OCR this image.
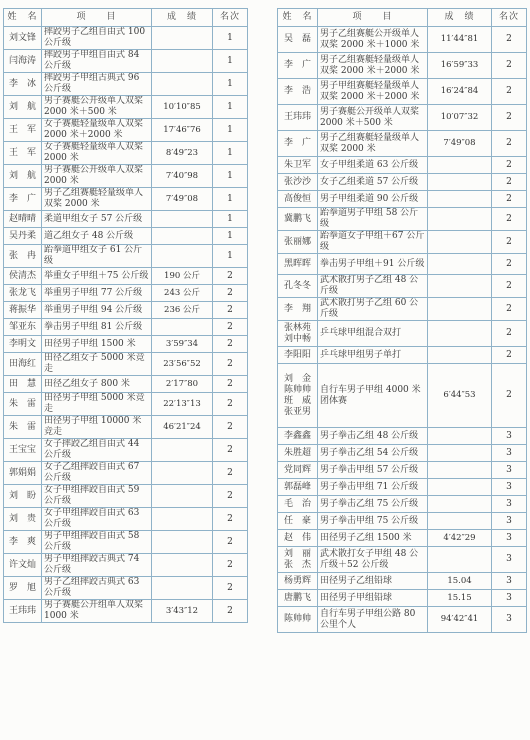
姓　名	项　　目	成　绩	名次
刘文锋	摔跤男子乙组自由式 100 公斤级		1
闫海涛	摔跤男子甲组自由式 84 公斤级		1
李　冰	摔跤男子甲组古典式 96 公斤级		1
刘　航	男子赛艇公开级单人双桨 2000 米＋500 米	10′10″85	1
王　军	女子赛艇轻量级单人双桨 2000 米＋2000 米	17′46″76	1
王　军	女子赛艇轻量级单人双桨 2000 米	8′49″23	1
刘　航	男子赛艇公开级单人双桨 2000 米	7′40″98	1
李　广	男子乙组赛艇轻量级单人双桨 2000 米	7′49″08	1
赵晴晴	柔道甲组女子 57 公斤级		1
吴丹柔	道乙组女子 48 公斤级		1
张　冉	跆拳道甲组女子 61 公斤级		1
侯清杰	举重女子甲组＋75 公斤级	190 公斤	2
张龙飞	举重男子甲组 77 公斤级	243 公斤	2
蒋振华	举重男子甲组 94 公斤级	236 公斤	2
邹亚东	拳击男子甲组 81 公斤级		2
李明文	田径男子甲组 1500 米	3′59″34	2
田海红	田径乙组女子 5000 米竞走	23′56″52	2
田　慧	田径乙组女子 800 米	2′17″80	2
朱　雷	田径男子甲组 5000 米竞走	22′13″13	2
朱　雷	田径男子甲组 10000 米竞走	46′21″24	2
王宝宝	女子摔跤乙组自由式 44 公斤级		2
郭娟娟	女子乙组摔跤自由式 67 公斤级		2
刘　盼	女子甲组摔跤自由式 59 公斤级		2
刘　贵	女子甲组摔跤自由式 63 公斤级		2
李　爽	男子甲组摔跤自由式 58 公斤级		2
许文灿	男子甲组摔跤古典式 74 公斤级		2
罗　旭	男子乙组摔跤古典式 63 公斤级		2
王玮玮	男子赛艇公开组单人双桨 1000 米	3′43″12	2
姓　名	项　　目	成　绩	名次
吴　磊	男子乙组赛艇公开级单人双桨 2000 米＋1000 米	11′44″81	2
李　广	男子乙组赛艇轻量级单人双桨 2000 米＋2000 米	16′59″33	2
李　浩	男子甲组赛艇轻量级单人双桨 2000 米＋2000 米	16′24″84	2
王玮玮	男子赛艇公开级单人双桨 2000 米＋500 米	10′07″32	2
李　广	男子乙组赛艇轻量级单人双桨 2000 米	7′49″08	2
朱卫军	女子甲组柔道 63 公斤级		2
张沙沙	女子乙组柔道 57 公斤级		2
高俊恒	男子甲组柔道 90 公斤级		2
冀鹏飞	跆拳道男子甲组 58 公斤级		2
张丽娜	跆拳道女子甲组＋67 公斤级		2
黑晖晖	拳击男子甲组＋91 公斤级		2
孔冬冬	武术散打男子乙组 48 公斤级		2
李　翔	武术散打男子乙组 60 公斤级		2
张林苑 刘中畅	乒乓球甲组混合双打		2
李阳阳	乒乓球甲组男子单打		2
刘　金 陈帅帅 班　威 张亚男	自行车男子甲组 4000 米团体赛	6′44″53	2
李鑫鑫	男子拳击乙组 48 公斤级		3
朱胜超	男子拳击乙组 54 公斤级		3
党同辉	男子拳击甲组 57 公斤级		3
郭磊峰	男子拳击甲组 71 公斤级		3
毛　治	男子拳击乙组 75 公斤级		3
任　豪	男子拳击甲组 75 公斤级		3
赵　伟	田径男子乙组 1500 米	4′42″29	3
刘　丽 张　杰	武术散打女子甲组 48 公斤级＋52 公斤级		3
杨勇辉	田径男子乙组铅球	15.04	3
唐鹏飞	田径男子甲组铅球	15.15	3
陈帅帅	自行车男子甲组公路 80 公里个人	94′42″41	3
